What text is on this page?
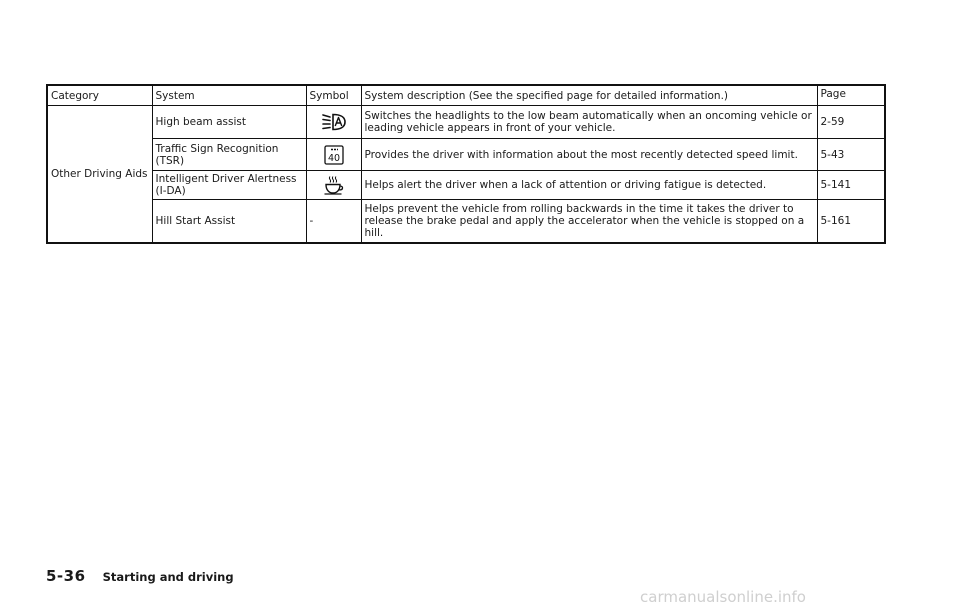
Category	System	Symbol	System description (See the specified page for detailed information.)	Page
Other Driving Aids	High beam assist		Switches the headlights to the low beam automatically when an oncoming vehicle or leading vehicle appears in front of your vehicle.	2-59
	Traffic Sign Recognition (TSR)	40	Provides the driver with information about the most recently detected speed limit.	5-43
	Intelligent Driver Alertness (I-DA)		Helps alert the driver when a lack of attention or driving fatigue is detected.	5-141
	Hill Start Assist	-	Helps prevent the vehicle from rolling backwards in the time it takes the driver to release the brake pedal and apply the accelerator when the vehicle is stopped on a hill.	5-161
5-36 Starting and driving
carmanualsonline.info
